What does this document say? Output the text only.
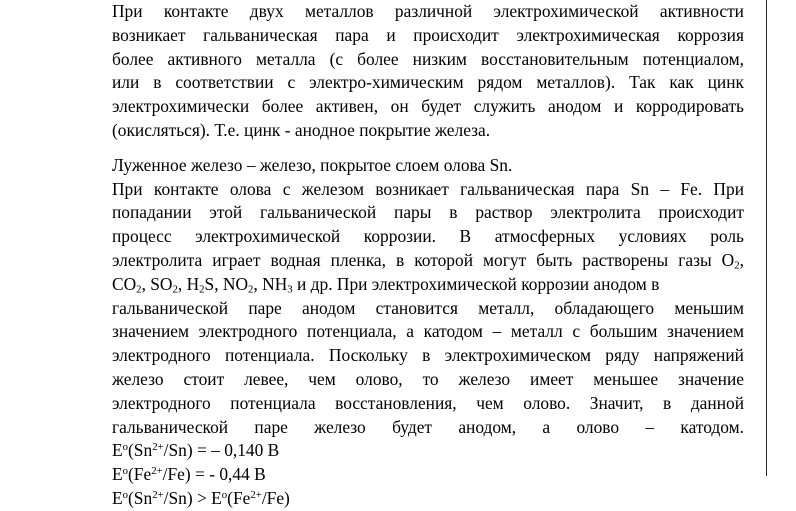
При контакте двух металлов различной электрохимической активности
возникает гальваническая пара и происходит электрохимическая коррозия
более активного металла (с более низким восстановительным потенциалом,
или в соответствии с электро-химическим рядом металлов). Так как цинк
электрохимически более активен, он будет служить анодом и корродировать
(окисляться). Т.е. цинк - анодное покрытие железа.
Луженное железо – железо, покрытое слоем олова Sn.
При контакте олова с железом возникает гальваническая пара Sn – Fe. При
попадании этой гальванической пары в раствор электролита происходит
процесс электрохимической коррозии. В атмосферных условиях роль
электролита играет водная пленка, в которой могут быть растворены газы $O_2$,
$CO_2$, $SO_2$, $H_2S$, $NO_2$, $NH_3$ и др. При электрохимической коррозии анодом в
гальванической паре анодом становится металл, обладающего меньшим
значением электродного потенциала, а катодом – металл с большим значением
электродного потенциала. Поскольку в электрохимическом ряду напряжений
железо стоит левее, чем олово, то железо имеет меньшее значение
электродного потенциала восстановления, чем олово. Значит, в данной
гальванической паре железо будет анодом, а олово – катодом.
$E^o(Sn^{2+}/Sn)$ = – 0,140 В
$E^o(Fe^{2+}/Fe)$ = - 0,44 В
$E^o(Sn^{2+}/Sn) > E^o(Fe^{2+}/Fe)$
